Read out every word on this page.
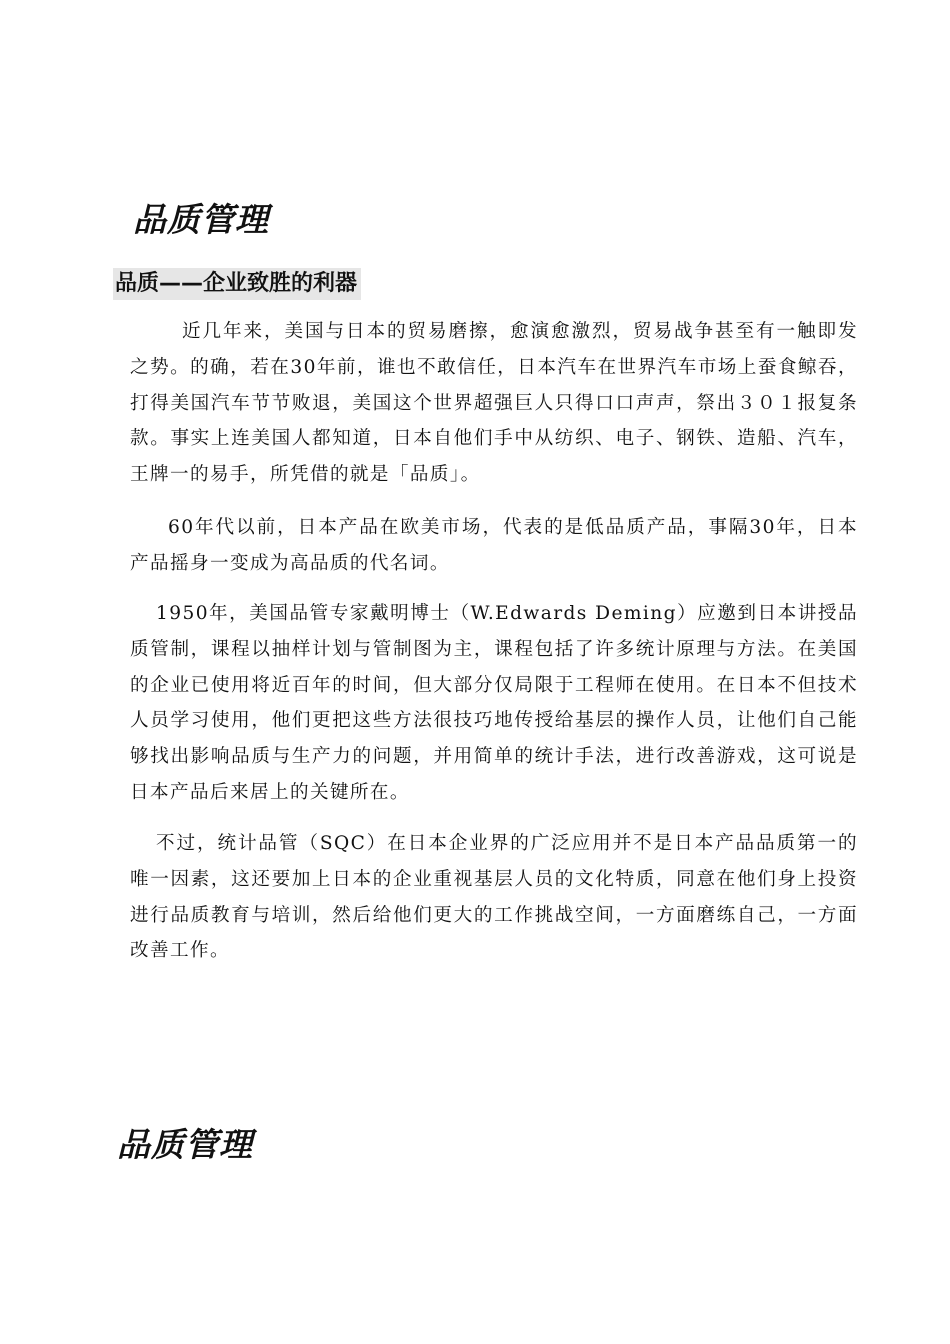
品质管理
品质——企业致胜的利器

近几年来，美国与日本的贸易磨擦，愈演愈激烈，贸易战争甚至有一触即发之势。的确，若在30年前，谁也不敢信任，日本汽车在世界汽车市场上蚕食鲸吞，打得美国汽车节节败退，美国这个世界超强巨人只得口口声声，祭出３０１报复条款。事实上连美国人都知道，日本自他们手中从纺织、电子、钢铁、造船、汽车，王牌一的易手，所凭借的就是「品质」。

60年代以前，日本产品在欧美市场，代表的是低品质产品，事隔30年，日本产品摇身一变成为高品质的代名词。

1950年，美国品管专家戴明博士（W.Edwards Deming）应邀到日本讲授品质管制，课程以抽样计划与管制图为主，课程包括了许多统计原理与方法。在美国的企业已使用将近百年的时间，但大部分仅局限于工程师在使用。在日本不但技术人员学习使用，他们更把这些方法很技巧地传授给基层的操作人员，让他们自己能够找出影响品质与生产力的问题，并用简单的统计手法，进行改善游戏，这可说是日本产品后来居上的关键所在。

不过，统计品管（SQC）在日本企业界的广泛应用并不是日本产品品质第一的唯一因素，这还要加上日本的企业重视基层人员的文化特质，同意在他们身上投资进行品质教育与培训，然后给他们更大的工作挑战空间，一方面磨练自己，一方面改善工作。

品质管理
